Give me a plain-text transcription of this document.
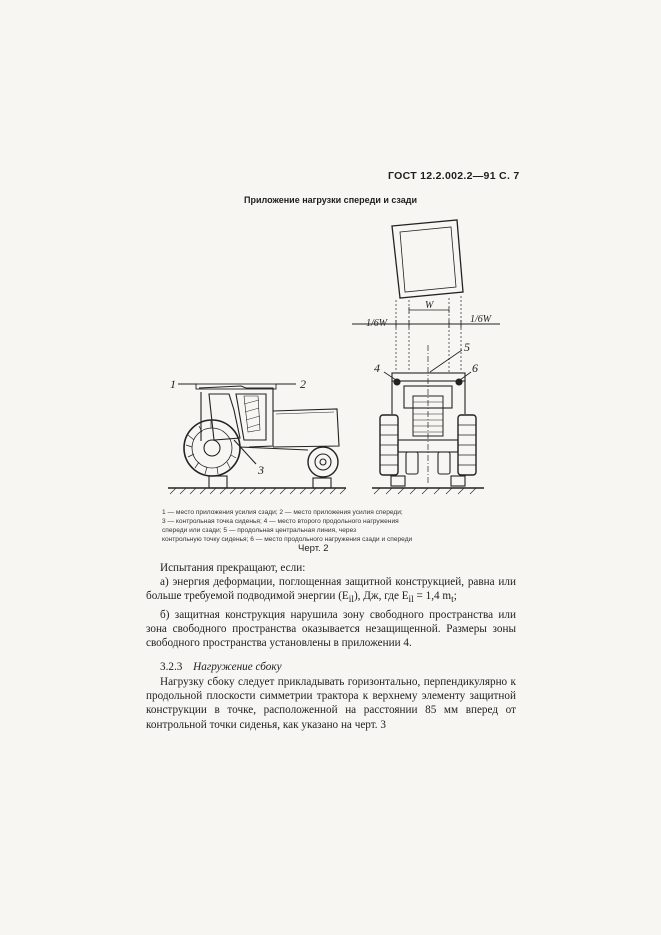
ГОСТ 12.2.002.2—91 С. 7
Приложение нагрузки спереди и сзади
1	2
3
1/6W	1/6W
W
4
5
6
1 — место приложения усилия сзади; 2 — место приложения усилия спереди;
3 — контрольная точка сиденья; 4 — место второго продольного нагружения
спереди или сзади; 5 — продольная центральная линия, через
контрольную точку сиденья; 6 — место продольного нагружения сзади и спереди
Черт. 2
Испытания прекращают, если:
а) энергия деформации, поглощенная защитной конструкцией, равна или больше требуемой подводимой энергии $(E_{il})$, Дж, где $E_{il} = 1,4$ $m_t$;
б) защитная конструкция нарушила зону свободного пространства или зона свободного пространства оказывается незащищенной. Размеры зоны свободного пространства установлены в приложении 4.
3.2.3 Нагружение сбоку
Нагрузку сбоку следует прикладывать горизонтально, перпендикулярно к продольной плоскости симметрии трактора к верхнему элементу защитной конструкции в точке, расположенной на расстоянии 85 мм вперед от контрольной точки сиденья, как указано на черт. 3
